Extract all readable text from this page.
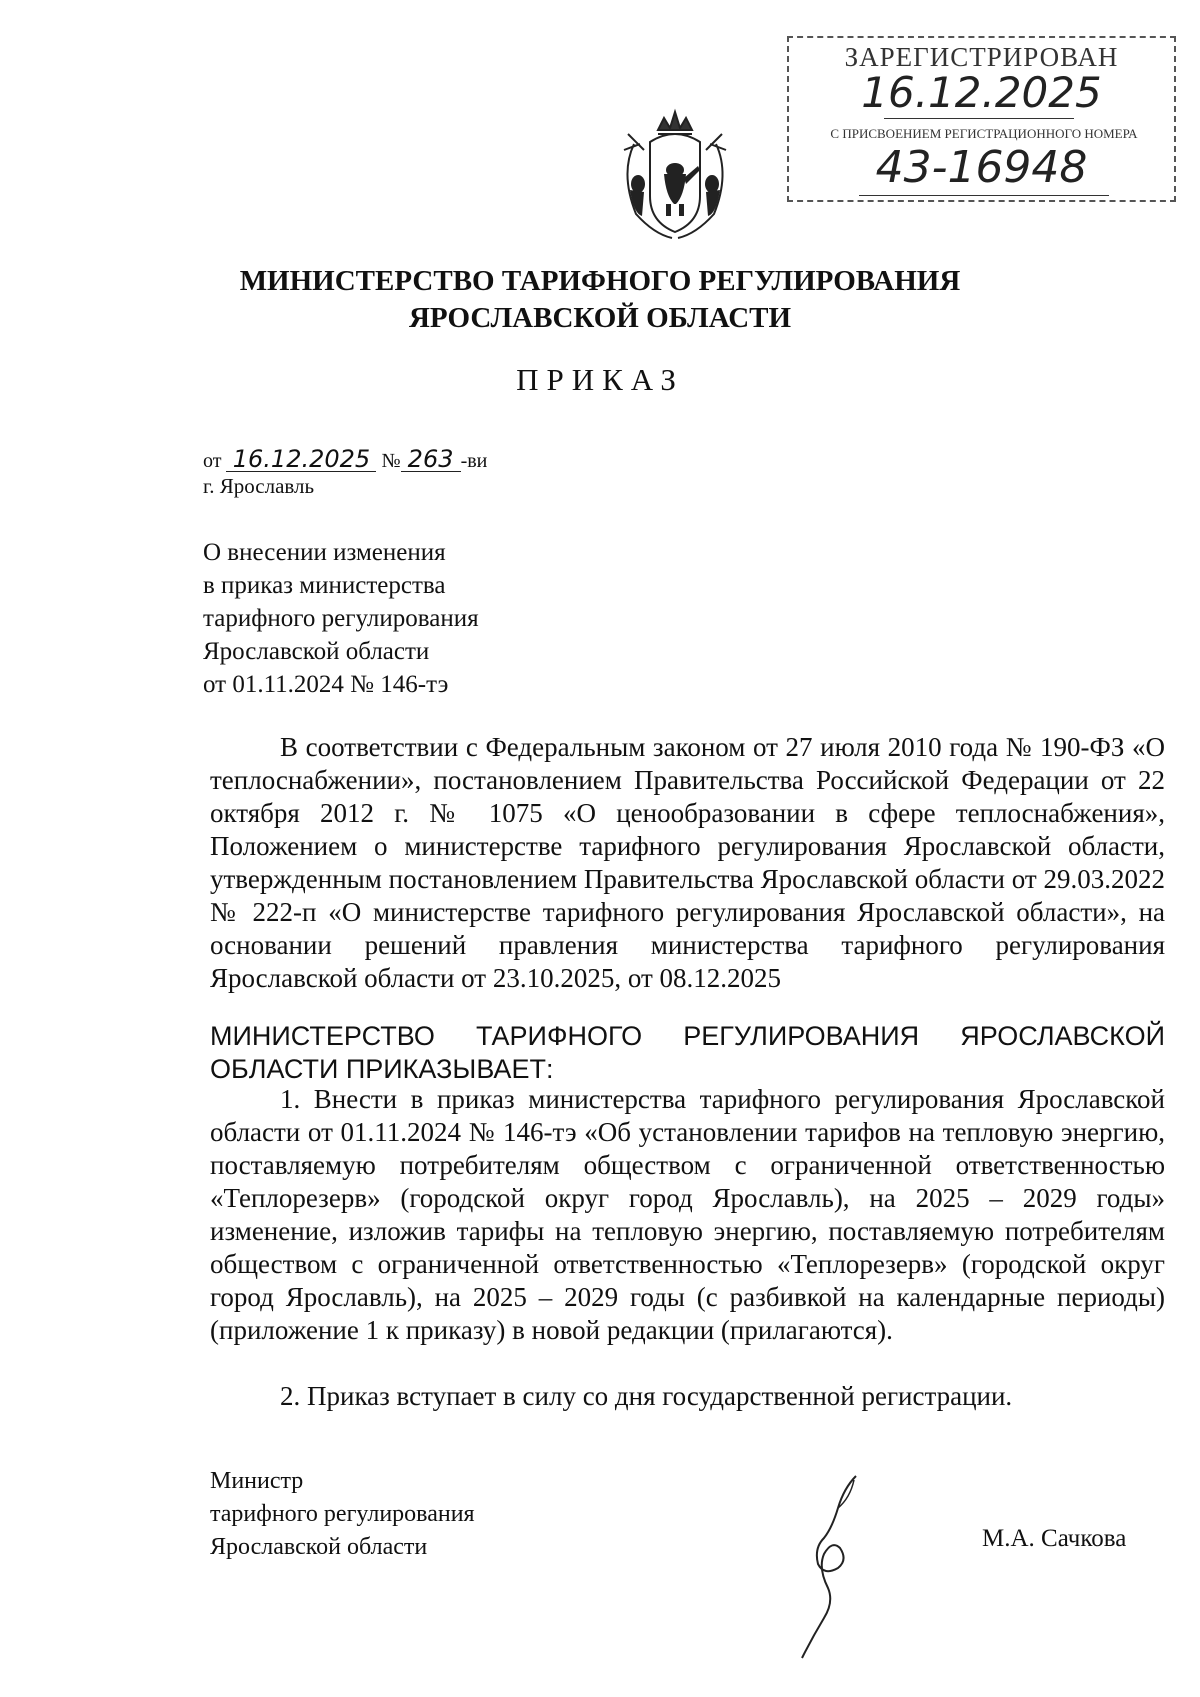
ЗАРЕГИСТРИРОВАН
16.12.2025
С ПРИСВОЕНИЕМ РЕГИСТРАЦИОННОГО НОМЕРА
43-16948
МИНИСТЕРСТВО ТАРИФНОГО РЕГУЛИРОВАНИЯ
ЯРОСЛАВСКОЙ ОБЛАСТИ
ПРИКАЗ
от 16.12.2025 № 263 -ви
г. Ярославль
О внесении изменения
в приказ министерства
тарифного регулирования
Ярославской области
от 01.11.2024 № 146-тэ
В соответствии с Федеральным законом от 27 июля 2010 года № 190-ФЗ «О теплоснабжении», постановлением Правительства Российской Федерации от 22 октября 2012 г. № 1075 «О ценообразовании в сфере теплоснабжения», Положением о министерстве тарифного регулирования Ярославской области, утвержденным постановлением Правительства Ярославской области от 29.03.2022 № 222-п «О министерстве тарифного регулирования Ярославской области», на основании решений правления министерства тарифного регулирования Ярославской области от 23.10.2025, от 08.12.2025
МИНИСТЕРСТВО ТАРИФНОГО РЕГУЛИРОВАНИЯ ЯРОСЛАВСКОЙ ОБЛАСТИ ПРИКАЗЫВАЕТ:
1. Внести в приказ министерства тарифного регулирования Ярославской области от 01.11.2024 № 146-тэ «Об установлении тарифов на тепловую энергию, поставляемую потребителям обществом с ограниченной ответственностью «Теплорезерв» (городской округ город Ярославль), на 2025 – 2029 годы» изменение, изложив тарифы на тепловую энергию, поставляемую потребителям обществом с ограниченной ответственностью «Теплорезерв» (городской округ город Ярославль), на 2025 – 2029 годы (с разбивкой на календарные периоды) (приложение 1 к приказу) в новой редакции (прилагаются).
2. Приказ вступает в силу со дня государственной регистрации.
Министр
тарифного регулирования
Ярославской области	М.А. Сачкова
